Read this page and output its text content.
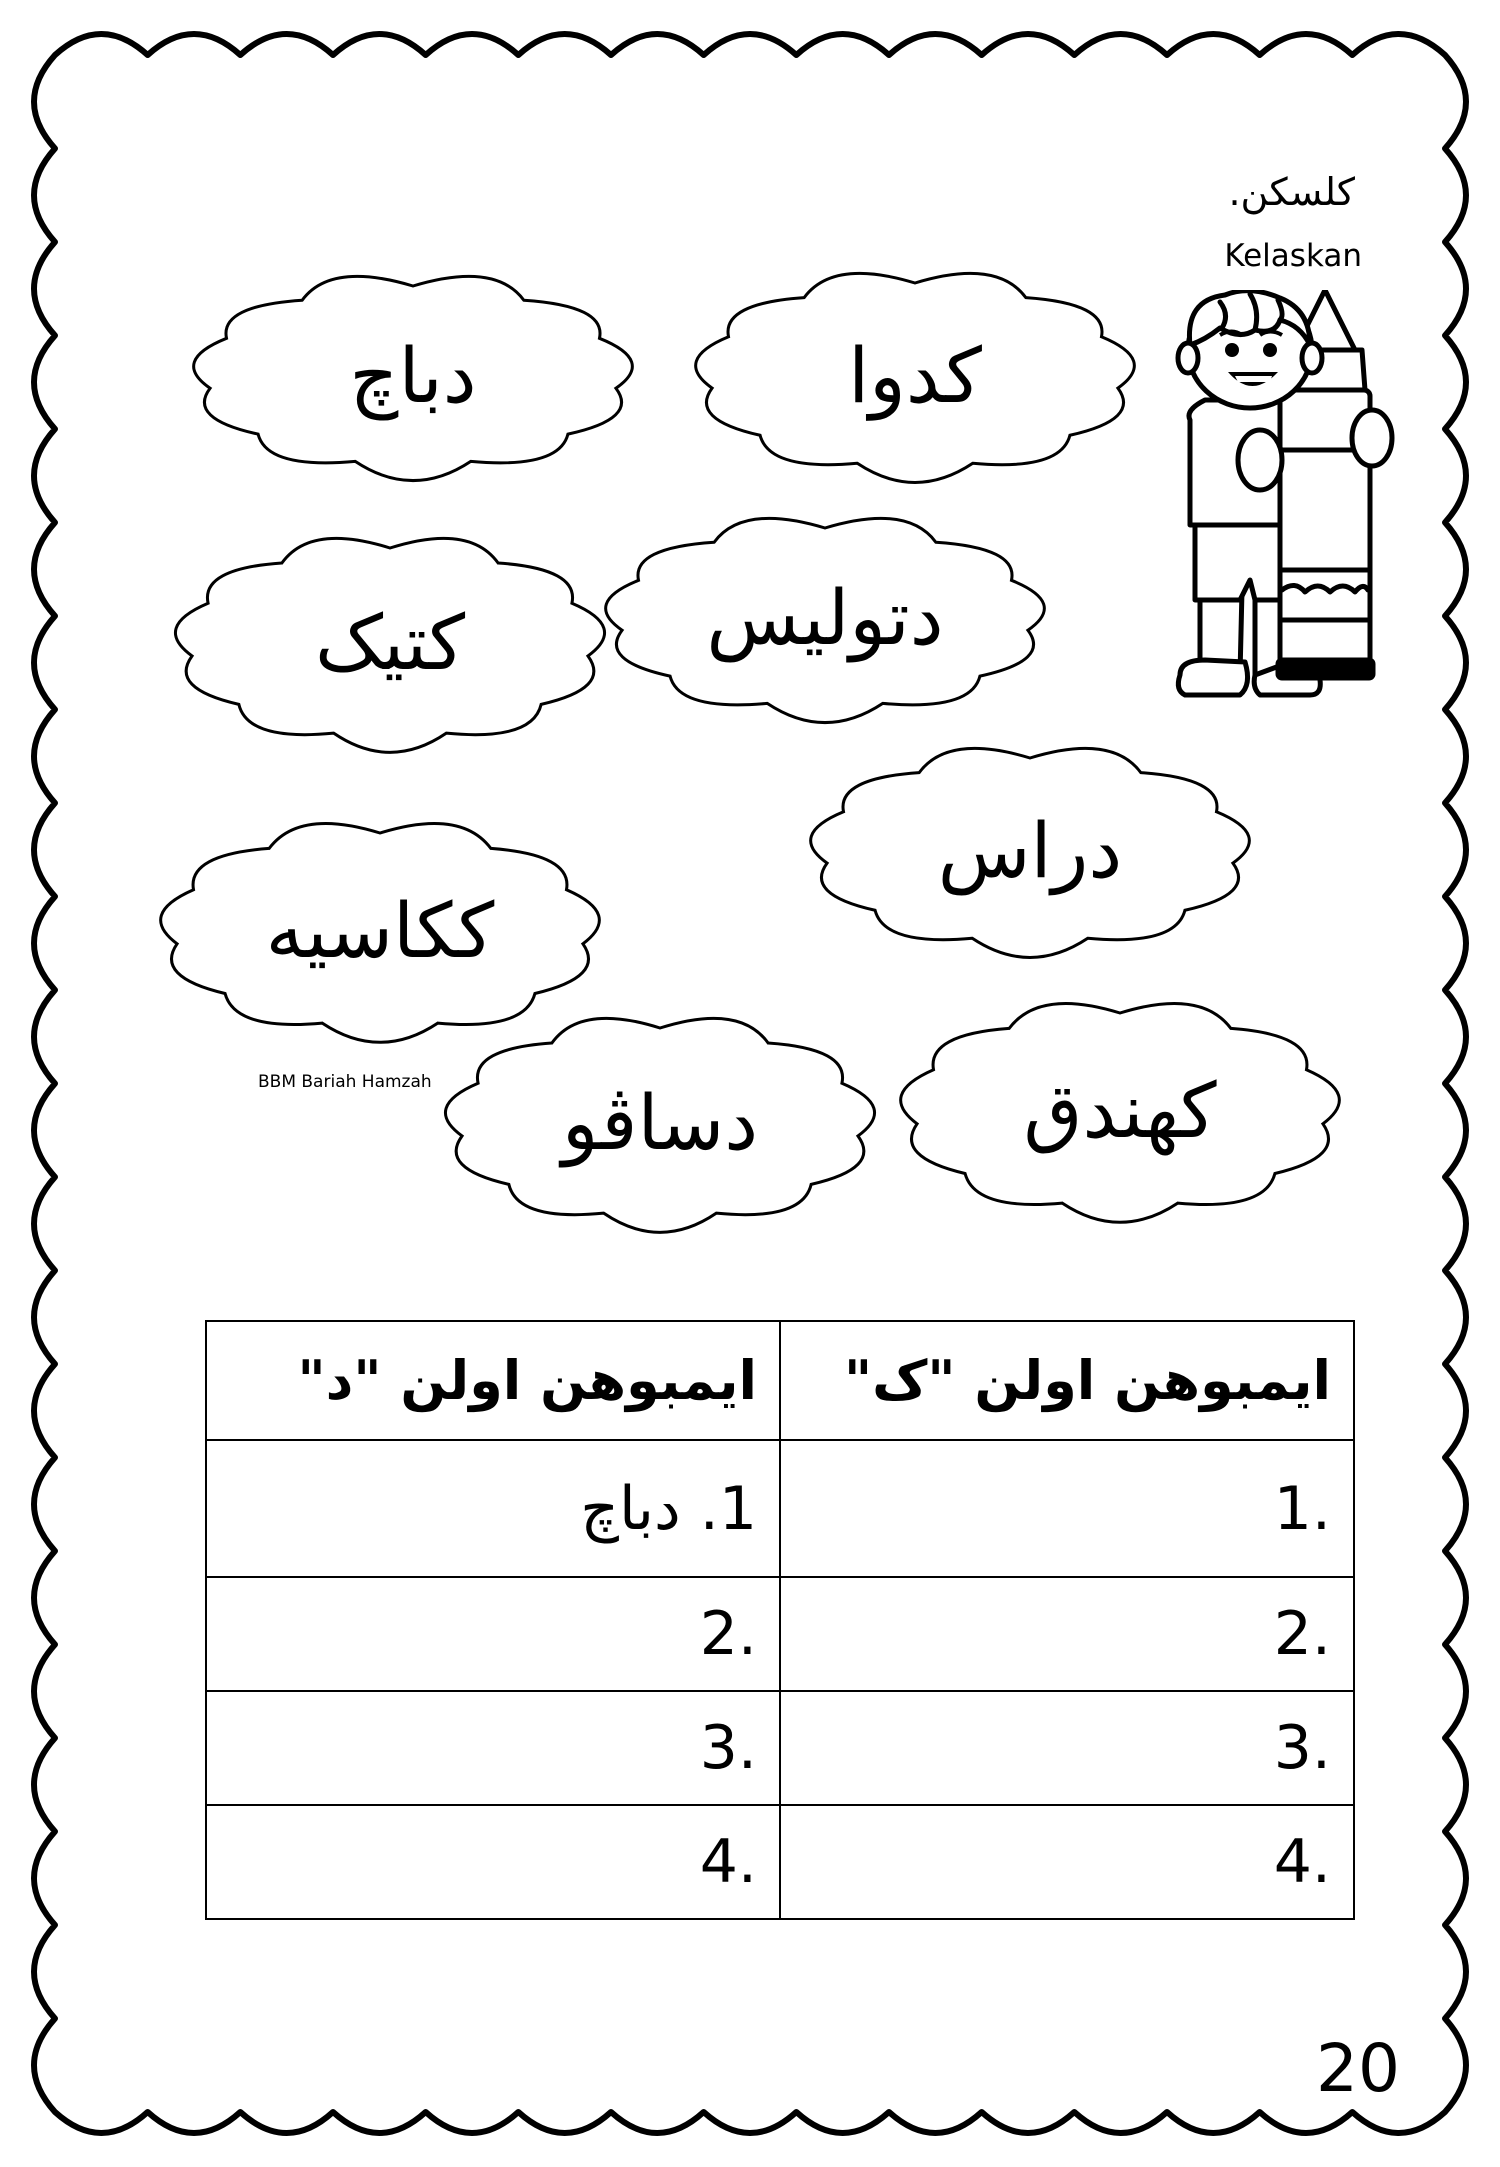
كلسكن.
Kelaskan
دباچ	كدوا
كتيک	دتوليس
دراس
ككاسيه
دساڤو	كهندق
BBM Bariah Hamzah
ايمبوهن اولن "د"	ايمبوهن اولن "ک"
1. دباچ	.1
.2	.2
.3	.3
.4	.4
20
